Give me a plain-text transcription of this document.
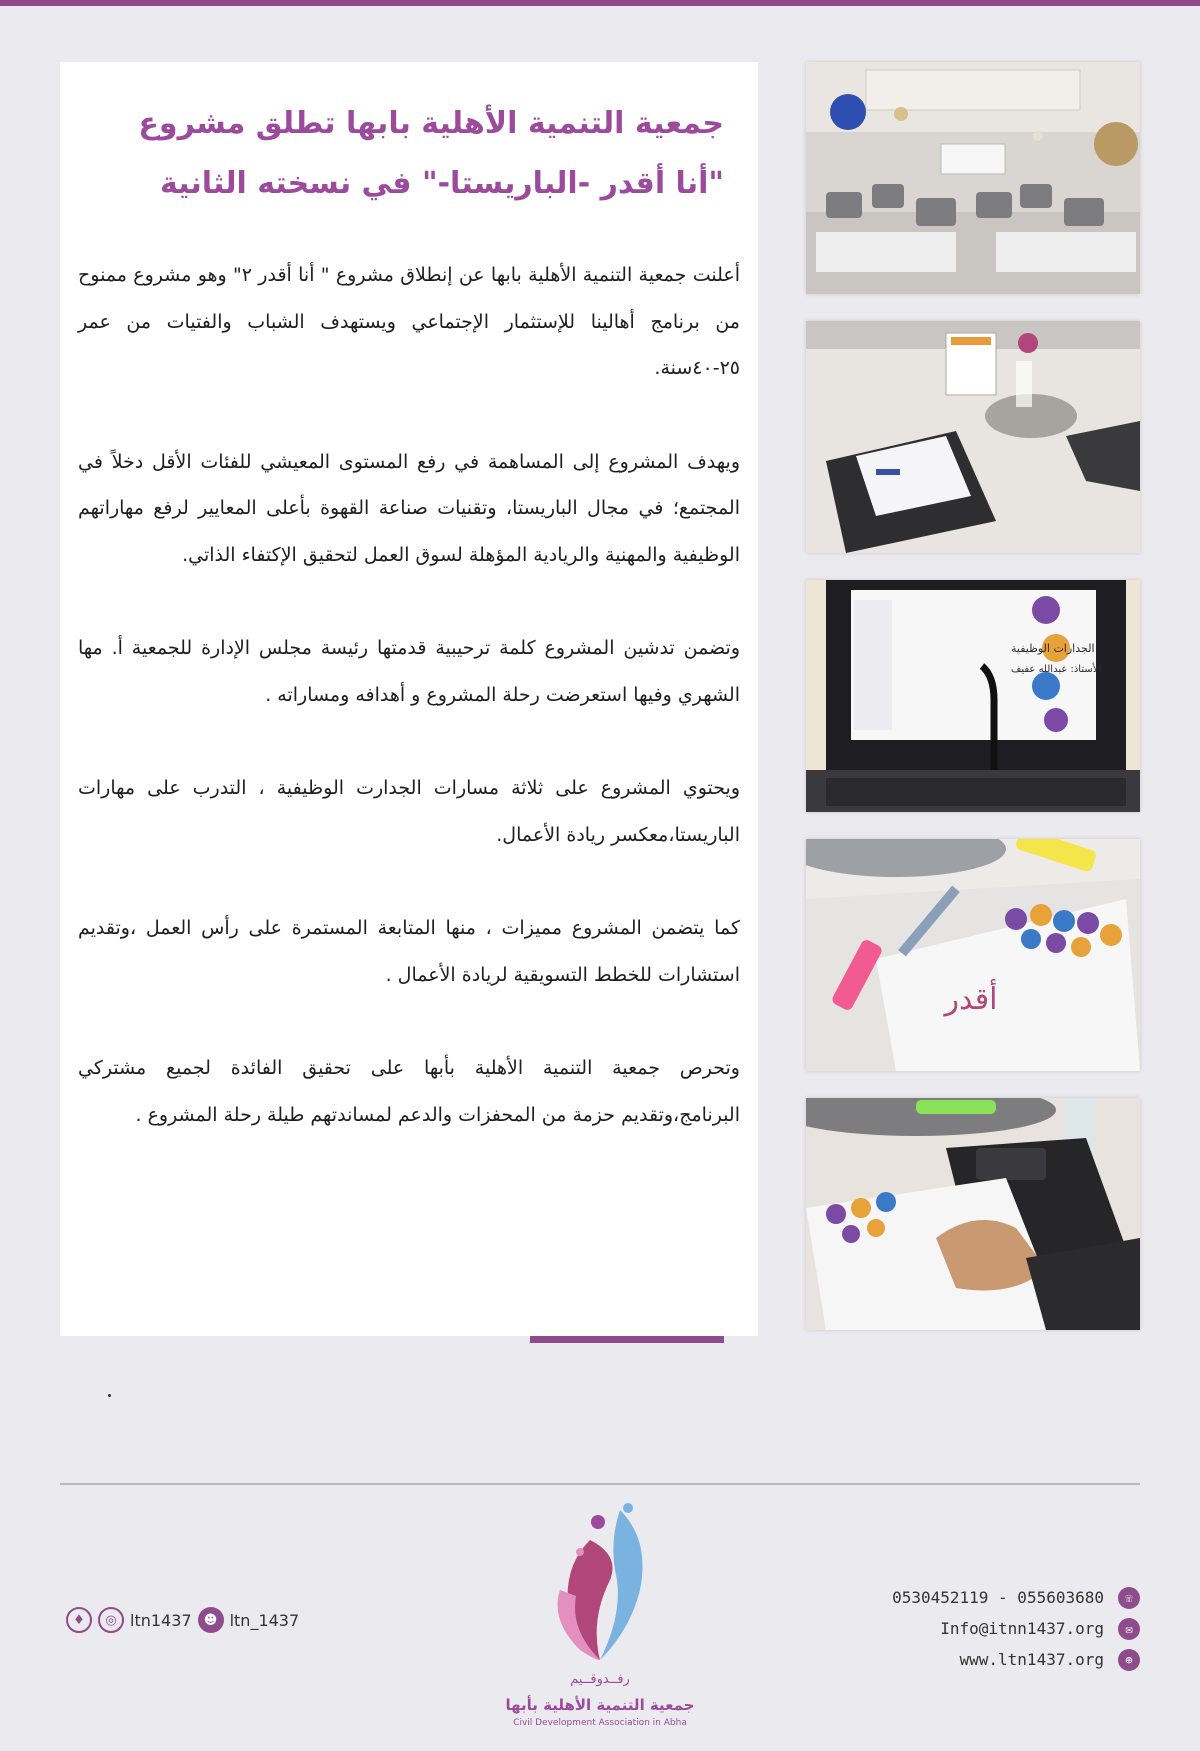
جمعية التنمية الأهلية بابها تطلق مشروع
"أنا أقدر -الباريستا-" في نسخته الثانية

أعلنت جمعية التنمية الأهلية بابها عن إنطلاق مشروع " أنا أقدر ٢" وهو مشروع ممنوح من برنامج أهالينا للإستثمار الإجتماعي ويستهدف الشباب والفتيات من عمر ٢٥-٤٠سنة.

ويهدف المشروع إلى المساهمة في رفع المستوى المعيشي للفئات الأقل دخلاً في المجتمع؛ في مجال الباريستا، وتقنيات صناعة القهوة بأعلى المعايير لرفع مهاراتهم الوظيفية والمهنية والريادية المؤهلة لسوق العمل لتحقيق الإكتفاء الذاتي.

وتضمن تدشين المشروع كلمة ترحيبية قدمتها رئيسة مجلس الإدارة للجمعية أ. مها الشهري وفيها استعرضت رحلة المشروع و أهدافه ومساراته .

ويحتوي المشروع على ثلاثة مسارات الجدارت الوظيفية ، التدرب على مهارات الباريستا،معكسر ريادة الأعمال.

كما يتضمن المشروع مميزات ، منها المتابعة المستمرة على رأس العمل ،وتقديم استشارات للخطط التسويقية لريادة الأعمال .

وتحرص جمعية التنمية الأهلية بأبها على تحقيق الفائدة لجميع مشتركي البرنامج،وتقديم حزمة من المحفزات والدعم لمساندتهم طيلة رحلة المشروع .

الجدارات الوظيفية
الأستاذ: عبدالله عفيف
أقدر
♦	◎ ltn1437 ☻ ltn_1437
رفــدوقــيم
جمعية التنمية الأهلية بأبها
Civil Development Association in Abha
0530452119 - 055603680	☏
Info@itnn1437.org	✉
www.ltn1437.org	⊕
